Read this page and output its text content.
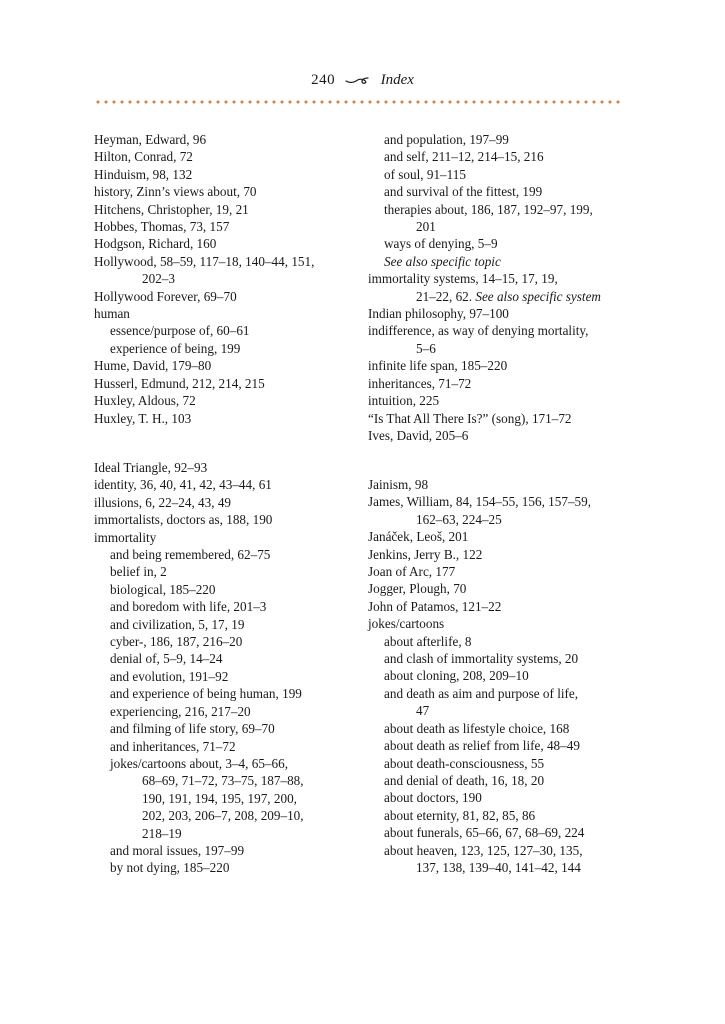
240	Index
Heyman, Edward, 96
Hilton, Conrad, 72
Hinduism, 98, 132
history, Zinn’s views about, 70
Hitchens, Christopher, 19, 21
Hobbes, Thomas, 73, 157
Hodgson, Richard, 160
Hollywood, 58–59, 117–18, 140–44, 151,
202–3
Hollywood Forever, 69–70
human
essence/purpose of, 60–61
experience of being, 199
Hume, David, 179–80
Husserl, Edmund, 212, 214, 215
Huxley, Aldous, 72
Huxley, T. H., 103
Ideal Triangle, 92–93
identity, 36, 40, 41, 42, 43–44, 61
illusions, 6, 22–24, 43, 49
immortalists, doctors as, 188, 190
immortality
and being remembered, 62–75
belief in, 2
biological, 185–220
and boredom with life, 201–3
and civilization, 5, 17, 19
cyber-, 186, 187, 216–20
denial of, 5–9, 14–24
and evolution, 191–92
and experience of being human, 199
experiencing, 216, 217–20
and filming of life story, 69–70
and inheritances, 71–72
jokes/cartoons about, 3–4, 65–66,
68–69, 71–72, 73–75, 187–88,
190, 191, 194, 195, 197, 200,
202, 203, 206–7, 208, 209–10,
218–19
and moral issues, 197–99
by not dying, 185–220
and population, 197–99
and self, 211–12, 214–15, 216
of soul, 91–115
and survival of the fittest, 199
therapies about, 186, 187, 192–97, 199,
201
ways of denying, 5–9
See also specific topic
immortality systems, 14–15, 17, 19,
21–22, 62. See also specific system
Indian philosophy, 97–100
indifference, as way of denying mortality,
5–6
infinite life span, 185–220
inheritances, 71–72
intuition, 225
“Is That All There Is?” (song), 171–72
Ives, David, 205–6
Jainism, 98
James, William, 84, 154–55, 156, 157–59,
162–63, 224–25
Janáček, Leoš, 201
Jenkins, Jerry B., 122
Joan of Arc, 177
Jogger, Plough, 70
John of Patamos, 121–22
jokes/cartoons
about afterlife, 8
and clash of immortality systems, 20
about cloning, 208, 209–10
and death as aim and purpose of life,
47
about death as lifestyle choice, 168
about death as relief from life, 48–49
about death-consciousness, 55
and denial of death, 16, 18, 20
about doctors, 190
about eternity, 81, 82, 85, 86
about funerals, 65–66, 67, 68–69, 224
about heaven, 123, 125, 127–30, 135,
137, 138, 139–40, 141–42, 144
